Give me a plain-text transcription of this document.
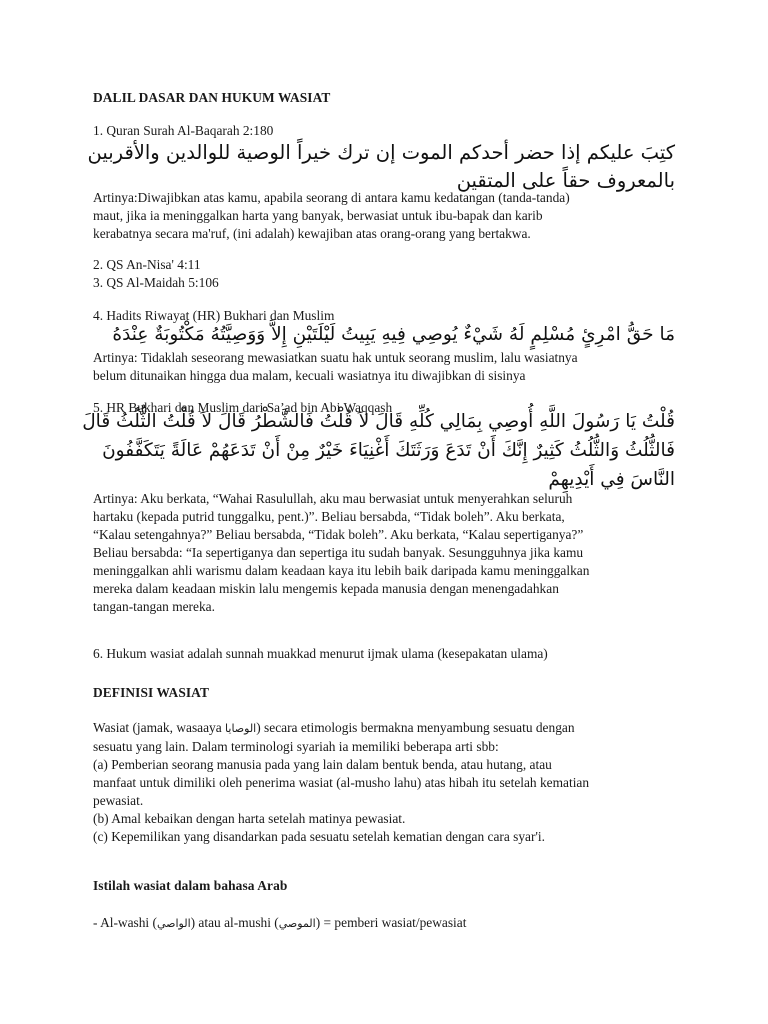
DALIL DASAR DAN HUKUM WASIAT
1. Quran Surah Al-Baqarah 2:180
كتِبَ عليكم إذا حضر أحدكم الموت إن ترك خيراً الوصية للوالدين والأقربين
بالمعروف حقاً على المتقين
Artinya:Diwajibkan atas kamu, apabila seorang di antara kamu kedatangan (tanda-tanda)
maut, jika ia meninggalkan harta yang banyak, berwasiat untuk ibu-bapak dan karib
kerabatnya secara ma'ruf, (ini adalah) kewajiban atas orang-orang yang bertakwa.
2. QS An-Nisa' 4:11
3. QS Al-Maidah 5:106
4. Hadits Riwayat (HR) Bukhari dan Muslim
مَا حَقُّ امْرِئٍ مُسْلِمٍ لَهُ شَيْءٌ يُوصِي فِيهِ يَبِيتُ لَيْلَتَيْنِ إِلاَّ وَوَصِيَّتُهُ مَكْتُوبَةٌ عِنْدَهُ
Artinya: Tidaklah seseorang mewasiatkan suatu hak untuk seorang muslim, lalu wasiatnya
belum ditunaikan hingga dua malam, kecuali wasiatnya itu diwajibkan di sisinya
5. HR Bukhari dan Muslim dari Sa’ad bin Abi Waqqash
قُلْتُ يَا رَسُولَ اللَّهِ أُوصِي بِمَالِي كُلِّهِ قَالَ لاَ قُلْتُ فَالشَّطْرُ قَالَ لاَ قُلْتُ الثُّلُثُ قَالَ
فَالثُّلُثُ وَالثُّلُثُ كَثِيرٌ إِنَّكَ أَنْ تَدَعَ وَرَثَتَكَ أَغْنِيَاءَ خَيْرٌ مِنْ أَنْ تَدَعَهُمْ عَالَةً يَتَكَفَّفُونَ
النَّاسَ فِي أَيْدِيهِمْ
Artinya: Aku berkata, “Wahai Rasulullah, aku mau berwasiat untuk menyerahkan seluruh
hartaku (kepada putrid tunggalku, pent.)”. Beliau bersabda, “Tidak boleh”. Aku berkata,
“Kalau setengahnya?” Beliau bersabda, “Tidak boleh”. Aku berkata, “Kalau sepertiganya?”
Beliau bersabda: “Ia sepertiganya dan sepertiga itu sudah banyak. Sesungguhnya jika kamu
meninggalkan ahli warismu dalam keadaan kaya itu lebih baik daripada kamu meninggalkan
mereka dalam keadaan miskin lalu mengemis kepada manusia dengan menengadahkan
tangan-tangan mereka.
6. Hukum wasiat adalah sunnah muakkad menurut ijmak ulama (kesepakatan ulama)
DEFINISI WASIAT
Wasiat (jamak, wasaaya الوصايا) secara etimologis bermakna menyambung sesuatu dengan
sesuatu yang lain. Dalam terminologi syariah ia memiliki beberapa arti sbb:
(a) Pemberian seorang manusia pada yang lain dalam bentuk benda, atau hutang, atau
manfaat untuk dimiliki oleh penerima wasiat (al-musho lahu) atas hibah itu setelah kematian
pewasiat.
(b) Amal kebaikan dengan harta setelah matinya pewasiat.
(c) Kepemilikan yang disandarkan pada sesuatu setelah kematian dengan cara syar'i.
Istilah wasiat dalam bahasa Arab
- Al-washi (الواصي) atau al-mushi (الموصي) = pemberi wasiat/pewasiat
